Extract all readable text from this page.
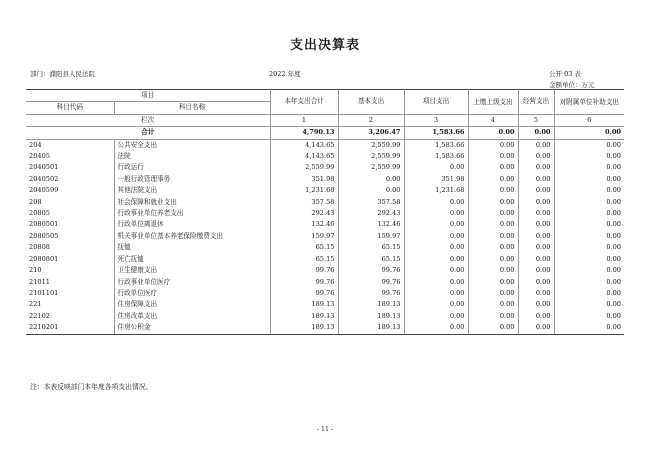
支出决算表
部门：濮阳县人民法院	2022 年度	公开 03 表
金额单位：万元
项目		本年支出合计	基本支出	项目支出	上缴上级支出	经营支出	对附属单位补助支出
科目代码	科目名称						

栏次		1	2	3	4	5	6
合计		4,790.13	3,206.47	1,583.66	0.00	0.00	0.00
204	公共安全支出	4,143.65	2,559.99	1,583.66	0.00	0.00	0.00
20405	法院	4,143.65	2,559.99	1,583.66	0.00	0.00	0.00
2040501	行政运行	2,559.99	2,559.99	0.00	0.00	0.00	0.00
2040502	一般行政管理事务	351.98	0.00	351.98	0.00	0.00	0.00
2040599	其他法院支出	1,231.68	0.00	1,231.68	0.00	0.00	0.00
208	社会保障和就业支出	357.58	357.58	0.00	0.00	0.00	0.00
20805	行政事业单位养老支出	292.43	292.43	0.00	0.00	0.00	0.00
2080501	行政单位离退休	132.46	132.46	0.00	0.00	0.00	0.00
2080505	机关事业单位基本养老保险缴费支出	159.97	159.97	0.00	0.00	0.00	0.00
20808	抚恤	65.15	65.15	0.00	0.00	0.00	0.00
2080801	死亡抚恤	65.15	65.15	0.00	0.00	0.00	0.00
210	卫生健康支出	99.76	99.76	0.00	0.00	0.00	0.00
21011	行政事业单位医疗	99.76	99.76	0.00	0.00	0.00	0.00
2101101	行政单位医疗	99.76	99.76	0.00	0.00	0.00	0.00
221	住房保障支出	189.13	189.13	0.00	0.00	0.00	0.00
22102	住房改革支出	189.13	189.13	0.00	0.00	0.00	0.00
2210201	住房公积金	189.13	189.13	0.00	0.00	0.00	0.00
注：本表反映部门本年度各项支出情况。
- 11 -
